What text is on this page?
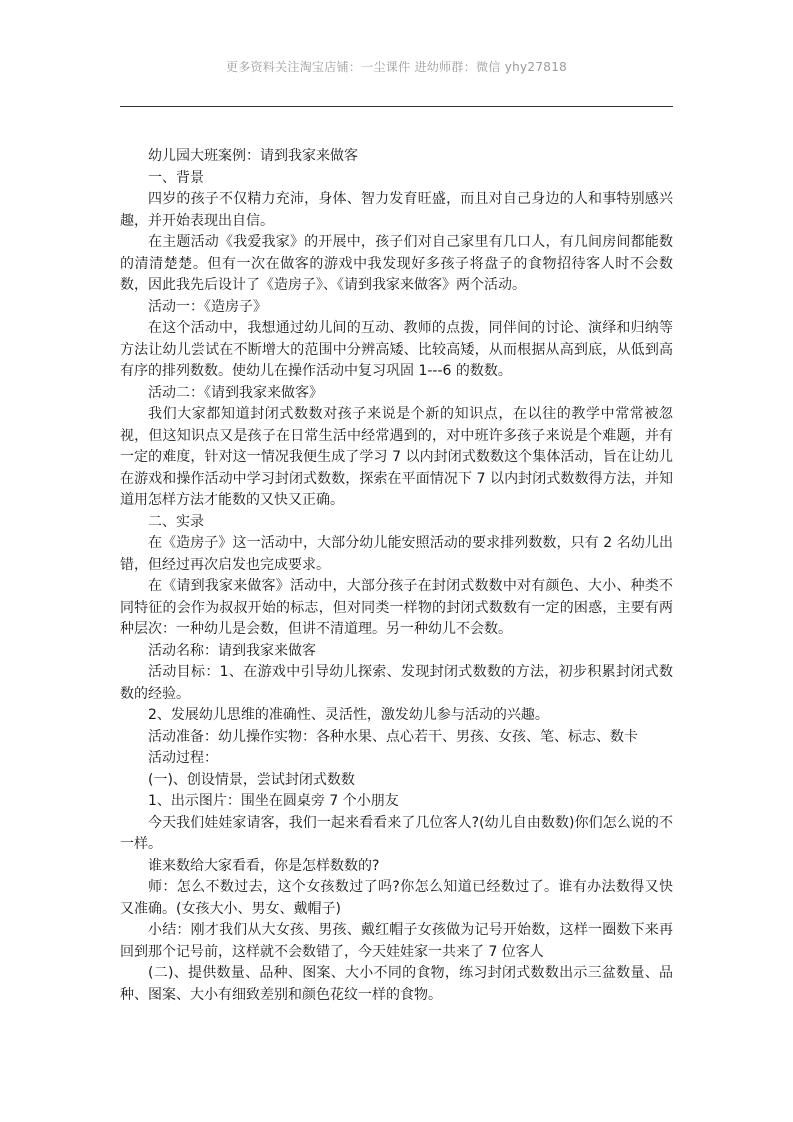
更多资料关注淘宝店铺：一尘课件 进幼师群：微信 yhy27818

幼儿园大班案例：请到我家来做客

一、背景

四岁的孩子不仅精力充沛，身体、智力发育旺盛，而且对自己身边的人和事特别感兴趣，并开始表现出自信。

在主题活动《我爱我家》的开展中，孩子们对自己家里有几口人，有几间房间都能数的清清楚楚。但有一次在做客的游戏中我发现好多孩子将盘子的食物招待客人时不会数数，因此我先后设计了《造房子》、《请到我家来做客》两个活动。

活动一：《造房子》

在这个活动中，我想通过幼儿间的互动、教师的点拨，同伴间的讨论、演绎和归纳等方法让幼儿尝试在不断增大的范围中分辨高矮、比较高矮，从而根据从高到底，从低到高有序的排列数数。使幼儿在操作活动中复习巩固 1---6 的数数。

活动二：《请到我家来做客》

我们大家都知道封闭式数数对孩子来说是个新的知识点，在以往的教学中常常被忽视，但这知识点又是孩子在日常生活中经常遇到的，对中班许多孩子来说是个难题，并有一定的难度，针对这一情况我便生成了学习 7 以内封闭式数数这个集体活动，旨在让幼儿在游戏和操作活动中学习封闭式数数，探索在平面情况下 7 以内封闭式数数得方法，并知道用怎样方法才能数的又快又正确。

二、实录

在《造房子》这一活动中，大部分幼儿能安照活动的要求排列数数，只有 2 名幼儿出错，但经过再次启发也完成要求。

在《请到我家来做客》活动中，大部分孩子在封闭式数数中对有颜色、大小、种类不同特征的会作为叔叔开始的标志，但对同类一样物的封闭式数数有一定的困惑，主要有两种层次：一种幼儿是会数，但讲不清道理。另一种幼儿不会数。

活动名称：请到我家来做客

活动目标：1、在游戏中引导幼儿探索、发现封闭式数数的方法，初步积累封闭式数数的经验。

2、发展幼儿思维的准确性、灵活性，激发幼儿参与活动的兴趣。

活动准备：幼儿操作实物：各种水果、点心若干、男孩、女孩、笔、标志、数卡

活动过程：

(一)、创设情景，尝试封闭式数数

1、出示图片：围坐在圆桌旁 7 个小朋友

今天我们娃娃家请客，我们一起来看看来了几位客人?(幼儿自由数数)你们怎么说的不一样。

谁来数给大家看看，你是怎样数数的?

师：怎么不数过去，这个女孩数过了吗?你怎么知道已经数过了。谁有办法数得又快又准确。(女孩大小、男女、戴帽子)

小结：刚才我们从大女孩、男孩、戴红帽子女孩做为记号开始数，这样一圈数下来再回到那个记号前，这样就不会数错了，今天娃娃家一共来了 7 位客人

(二)、提供数量、品种、图案、大小不同的食物，练习封闭式数数出示三盆数量、品种、图案、大小有细致差别和颜色花纹一样的食物。
